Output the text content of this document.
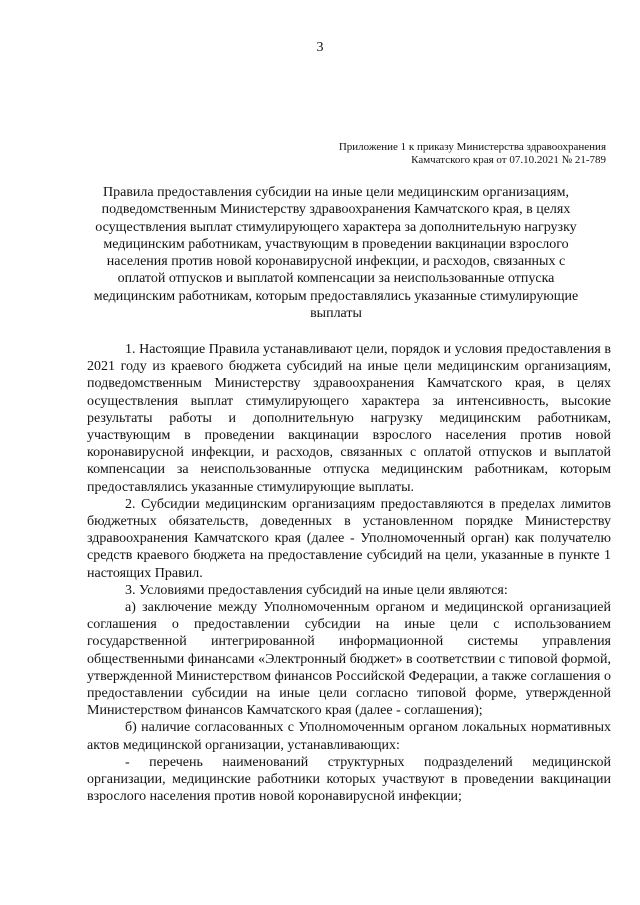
3
Приложение 1 к приказу Министерства здравоохранения
Камчатского края от 07.10.2021 № 21-789
Правила предоставления субсидии на иные цели медицинским организациям, подведомственным Министерству здравоохранения Камчатского края, в целях осуществления выплат стимулирующего характера за дополнительную нагрузку медицинским работникам, участвующим в проведении вакцинации взрослого населения против новой коронавирусной инфекции, и расходов, связанных с оплатой отпусков и выплатой компенсации за неиспользованные отпуска медицинским работникам, которым предоставлялись указанные стимулирующие выплаты

1. Настоящие Правила устанавливают цели, порядок и условия предоставления в 2021 году из краевого бюджета субсидий на иные цели медицинским организациям, подведомственным Министерству здравоохранения Камчатского края, в целях осуществления выплат стимулирующего характера за интенсивность, высокие результаты работы и дополнительную нагрузку медицинским работникам, участвующим в проведении вакцинации взрослого населения против новой коронавирусной инфекции, и расходов, связанных с оплатой отпусков и выплатой компенсации за неиспользованные отпуска медицинским работникам, которым предоставлялись указанные стимулирующие выплаты.

2. Субсидии медицинским организациям предоставляются в пределах лимитов бюджетных обязательств, доведенных в установленном порядке Министерству здравоохранения Камчатского края (далее - Уполномоченный орган) как получателю средств краевого бюджета на предоставление субсидий на цели, указанные в пункте 1 настоящих Правил.

3. Условиями предоставления субсидий на иные цели являются:

а) заключение между Уполномоченным органом и медицинской организацией соглашения о предоставлении субсидии на иные цели с использованием государственной интегрированной информационной системы управления общественными финансами «Электронный бюджет» в соответствии с типовой формой, утвержденной Министерством финансов Российской Федерации, а также соглашения о предоставлении субсидии на иные цели согласно типовой форме, утвержденной Министерством финансов Камчатского края (далее - соглашения);

б) наличие согласованных с Уполномоченным органом локальных нормативных актов медицинской организации, устанавливающих:

- перечень наименований структурных подразделений медицинской организации, медицинские работники которых участвуют в проведении вакцинации взрослого населения против новой коронавирусной инфекции;
